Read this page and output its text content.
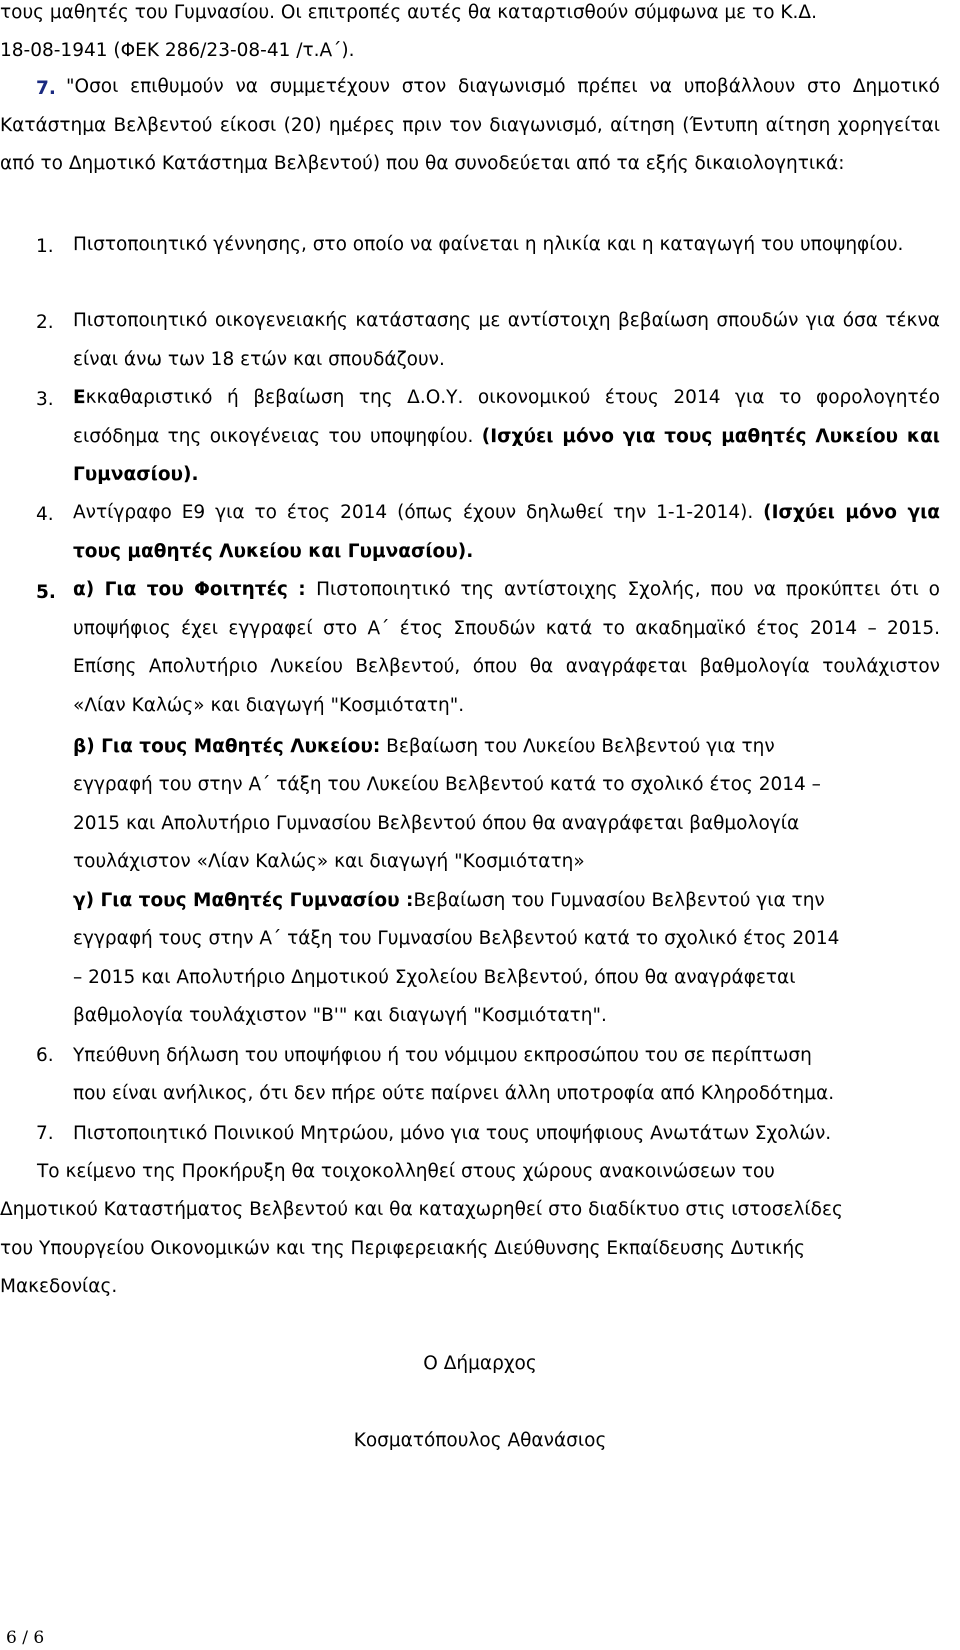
τους μαθητές του Γυμνασίου. Οι επιτροπές αυτές θα καταρτισθούν σύμφωνα με το Κ.Δ.

18-08-1941 (ΦΕΚ 286/23-08-41 /τ.Α΄).

7. "Οσοι επιθυμούν να συμμετέχουν στον διαγωνισμό πρέπει να υποβάλλουν στο Δημοτικό Κατάστημα Βελβεντού είκοσι (20) ημέρες πριν τον διαγωνισμό, αίτηση (Έντυπη αίτηση χορηγείται από το Δημοτικό Κατάστημα Βελβεντού) που θα συνοδεύεται από τα εξής δικαιολογητικά:

1. Πιστοποιητικό γέννησης, στο οποίο να φαίνεται η ηλικία και η καταγωγή του υποψηφίου.

2. Πιστοποιητικό οικογενειακής κατάστασης με αντίστοιχη βεβαίωση σπουδών για όσα τέκνα είναι άνω των 18 ετών και σπουδάζουν.

3. Εκκαθαριστικό ή βεβαίωση της Δ.Ο.Υ. οικονομικού έτους 2014 για το φορολογητέο εισόδημα της οικογένειας του υποψηφίου. (Ισχύει μόνο για τους μαθητές Λυκείου και Γυμνασίου).

4. Αντίγραφο Ε9 για το έτος 2014 (όπως έχουν δηλωθεί την 1-1-2014). (Ισχύει μόνο για τους μαθητές Λυκείου και Γυμνασίου).

5. α) Για του Φοιτητές : Πιστοποιητικό της αντίστοιχης Σχολής, που να προκύπτει ότι ο υποψήφιος έχει εγγραφεί στο Α΄ έτος Σπουδών κατά το ακαδημαϊκό έτος 2014 – 2015. Επίσης Απολυτήριο Λυκείου Βελβεντού, όπου θα αναγράφεται βαθμολογία τουλάχιστον «Λίαν Καλώς» και διαγωγή "Κοσμιότατη".

β) Για τους Μαθητές Λυκείου: Βεβαίωση του Λυκείου Βελβεντού για την

εγγραφή του στην Α΄ τάξη του Λυκείου Βελβεντού κατά το σχολικό έτος 2014 –

2015 και Απολυτήριο Γυμνασίου Βελβεντού όπου θα αναγράφεται βαθμολογία

τουλάχιστον «Λίαν Καλώς» και διαγωγή "Κοσμιότατη»

γ) Για τους Μαθητές Γυμνασίου :Βεβαίωση του Γυμνασίου Βελβεντού για την

εγγραφή τους στην Α΄ τάξη του Γυμνασίου Βελβεντού κατά το σχολικό έτος 2014

– 2015 και Απολυτήριο Δημοτικού Σχολείου Βελβεντού, όπου θα αναγράφεται

βαθμολογία τουλάχιστον "Β'" και διαγωγή "Κοσμιότατη".

6. Υπεύθυνη δήλωση του υποψήφιου ή του νόμιμου εκπροσώπου του σε περίπτωση

που είναι ανήλικος, ότι δεν πήρε ούτε παίρνει άλλη υποτροφία από Κληροδότημα.

7. Πιστοποιητικό Ποινικού Μητρώου, μόνο για τους υποψήφιους Ανωτάτων Σχολών.

Το κείμενο της Προκήρυξη θα τοιχοκολληθεί στους χώρους ανακοινώσεων του

Δημοτικού Καταστήματος Βελβεντού και θα καταχωρηθεί στο διαδίκτυο στις ιστοσελίδες

του Υπουργείου Οικονομικών και της Περιφερειακής Διεύθυνσης Εκπαίδευσης Δυτικής

Μακεδονίας.

Ο Δήμαρχος

Κοσματόπουλος Αθανάσιος

6 / 6
